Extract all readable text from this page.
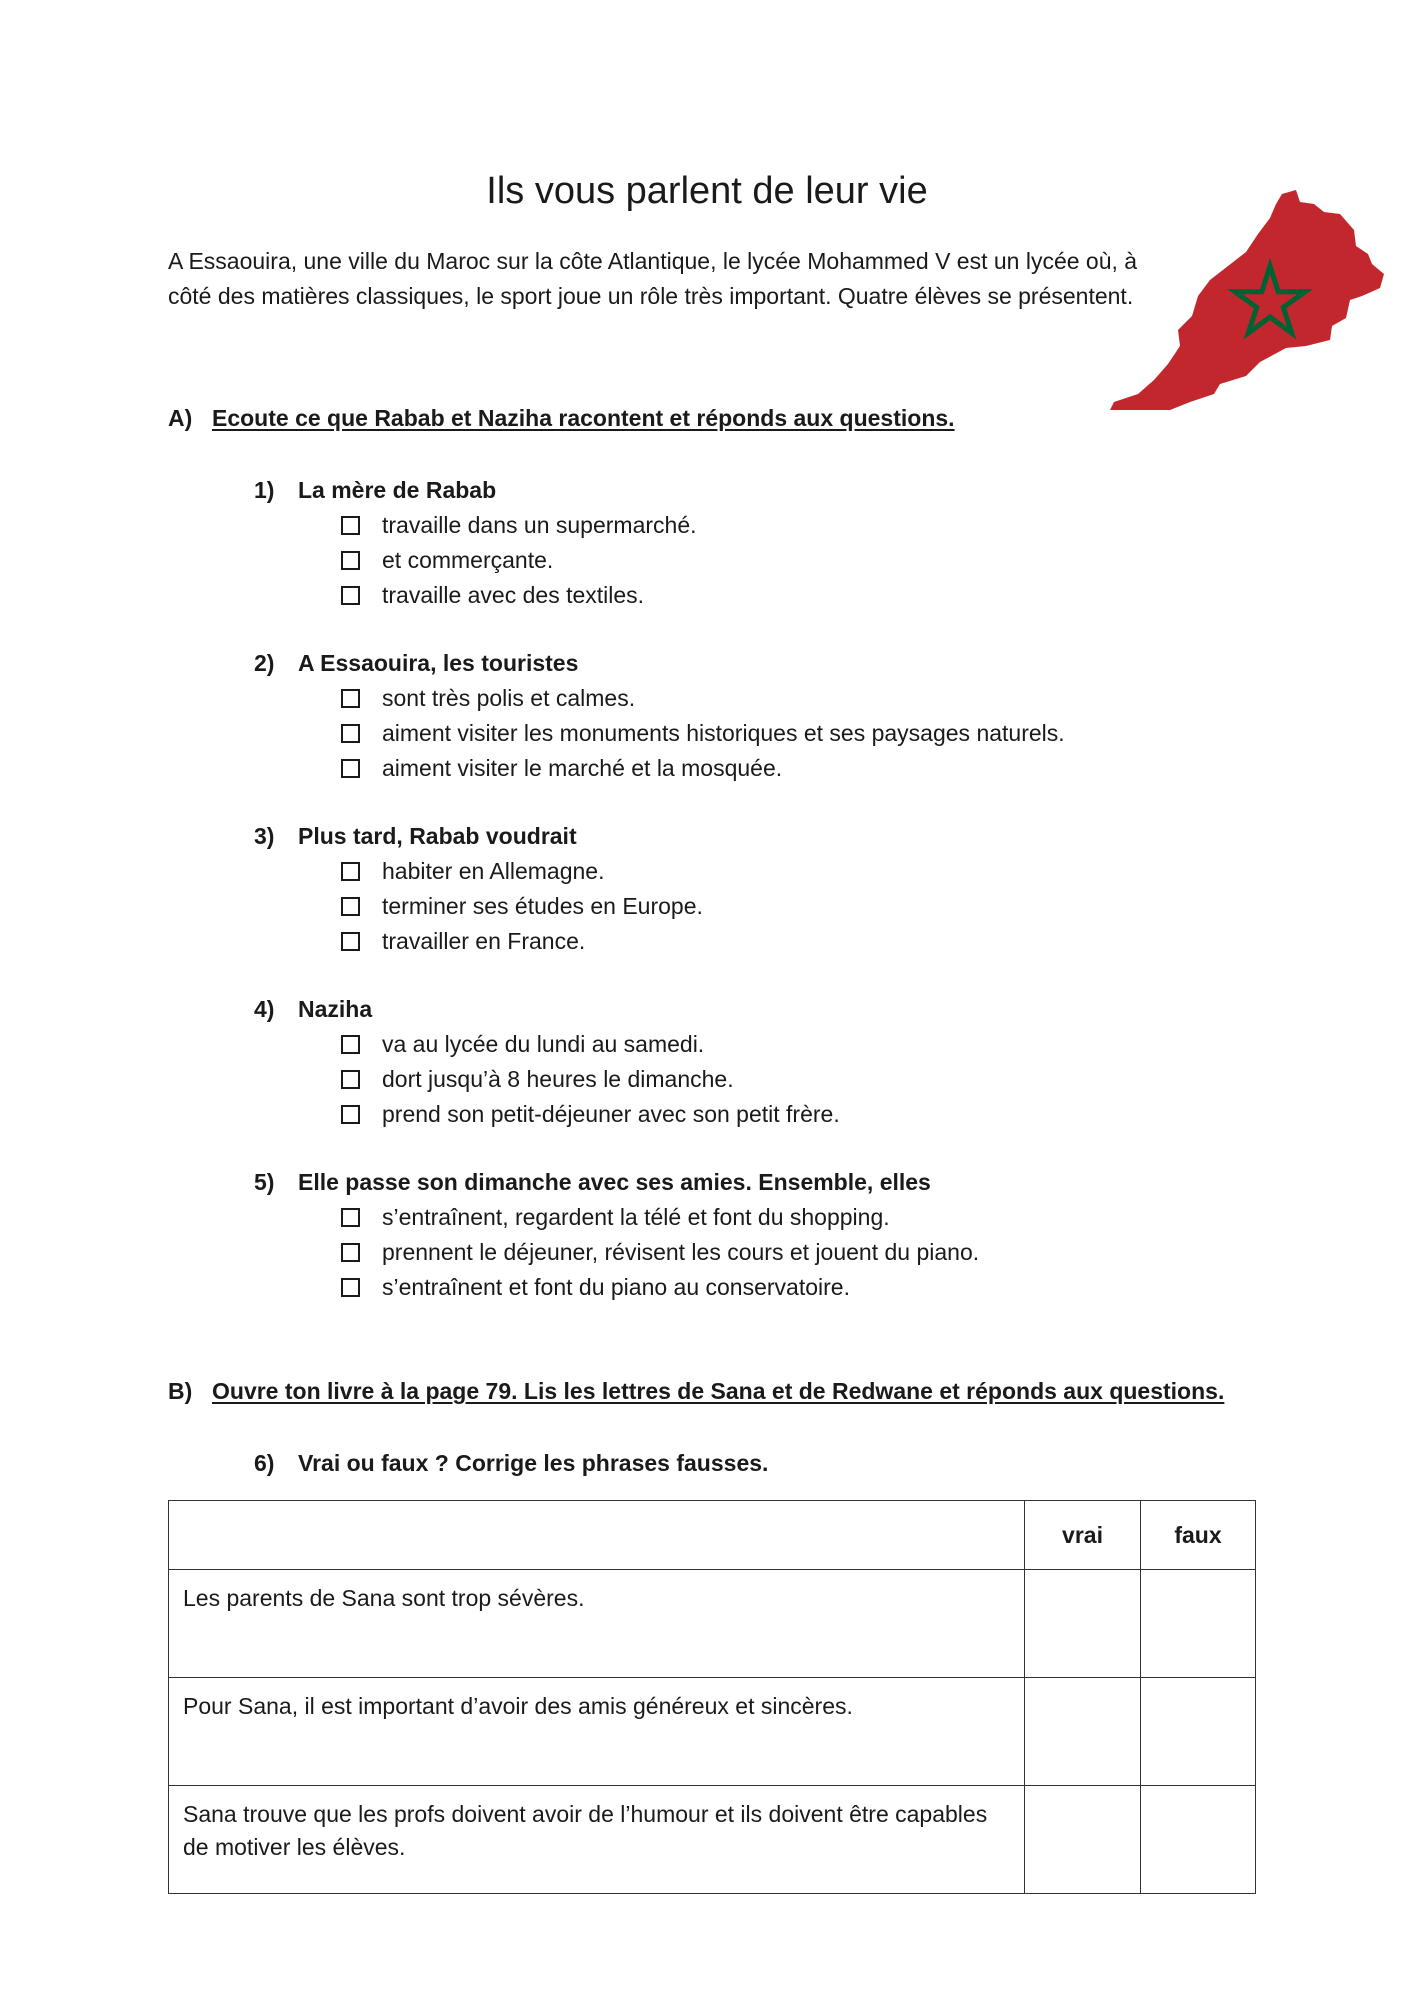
Ils vous parlent de leur vie

A Essaouira, une ville du Maroc sur la côte Atlantique, le lycée Mohammed V est un lycée où, à côté des matières classiques, le sport joue un rôle très important. Quatre élèves se présentent.

A) Ecoute ce que Rabab et Naziha racontent et réponds aux questions.

1) La mère de Rabab
travaille dans un supermarché.
et commerçante.
travaille avec des textiles.
2) A Essaouira, les touristes
sont très polis et calmes.
aiment visiter les monuments historiques et ses paysages naturels.
aiment visiter le marché et la mosquée.
3) Plus tard, Rabab voudrait
habiter en Allemagne.
terminer ses études en Europe.
travailler en France.
4) Naziha
va au lycée du lundi au samedi.
dort jusqu’à 8 heures le dimanche.
prend son petit-déjeuner avec son petit frère.
5) Elle passe son dimanche avec ses amies. Ensemble, elles
s’entraînent, regardent la télé et font du shopping.
prennent le déjeuner, révisent les cours et jouent du piano.
s’entraînent et font du piano au conservatoire.

B) Ouvre ton livre à la page 79. Lis les lettres de Sana et de Redwane et réponds aux questions.

6) Vrai ou faux ? Corrige les phrases fausses.
	vrai	faux
Les parents de Sana sont trop sévères.		
Pour Sana, il est important d’avoir des amis généreux et sincères.		
Sana trouve que les profs doivent avoir de l’humour et ils doivent être capables de motiver les élèves.		
